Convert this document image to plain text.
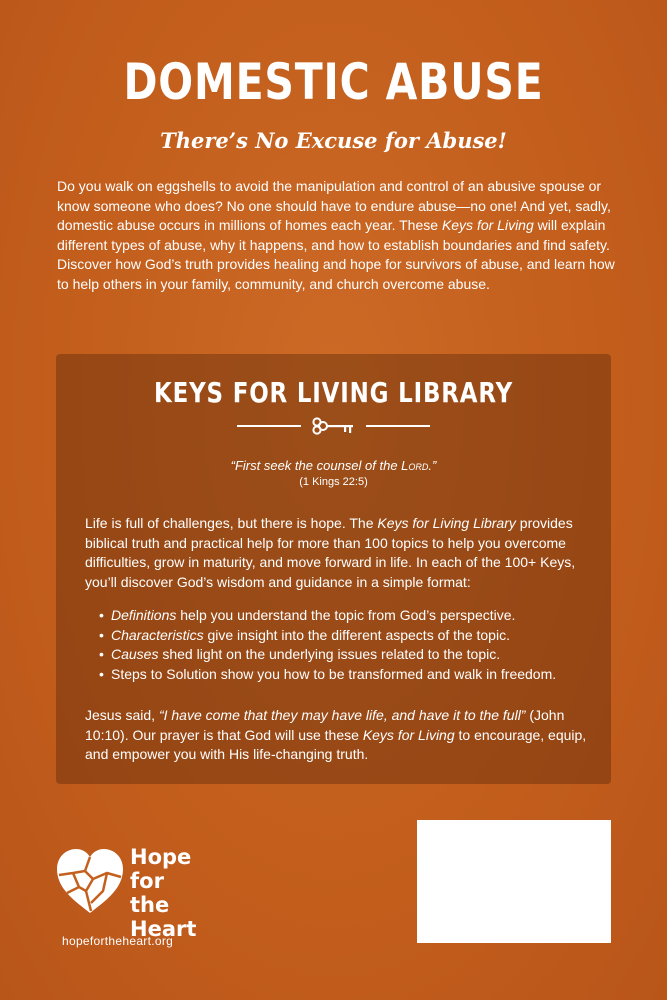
DOMESTIC ABUSE
There’s No Excuse for Abuse!

Do you walk on eggshells to avoid the manipulation and control of an abusive spouse or know someone who does? No one should have to endure abuse—no one! And yet, sadly, domestic abuse occurs in millions of homes each year. These Keys for Living will explain different types of abuse, why it happens, and how to establish boundaries and find safety. Discover how God’s truth provides healing and hope for survivors of abuse, and learn how to help others in your family, community, and church overcome abuse.

KEYS FOR LIVING LIBRARY
“First seek the counsel of the Lord.”
(1 Kings 22:5)

Life is full of challenges, but there is hope. The Keys for Living Library provides biblical truth and practical help for more than 100 topics to help you overcome difficulties, grow in maturity, and move forward in life. In each of the 100+ Keys, you’ll discover God’s wisdom and guidance in a simple format:

• Definitions help you understand the topic from God’s perspective.
• Characteristics give insight into the different aspects of the topic.
• Causes shed light on the underlying issues related to the topic.
• Steps to Solution show you how to be transformed and walk in freedom.

Jesus said, “I have come that they may have life, and have it to the full” (John 10:10). Our prayer is that God will use these Keys for Living to encourage, equip, and empower you with His life-changing truth.

Hope
for the
Heart
hopefortheheart.org
